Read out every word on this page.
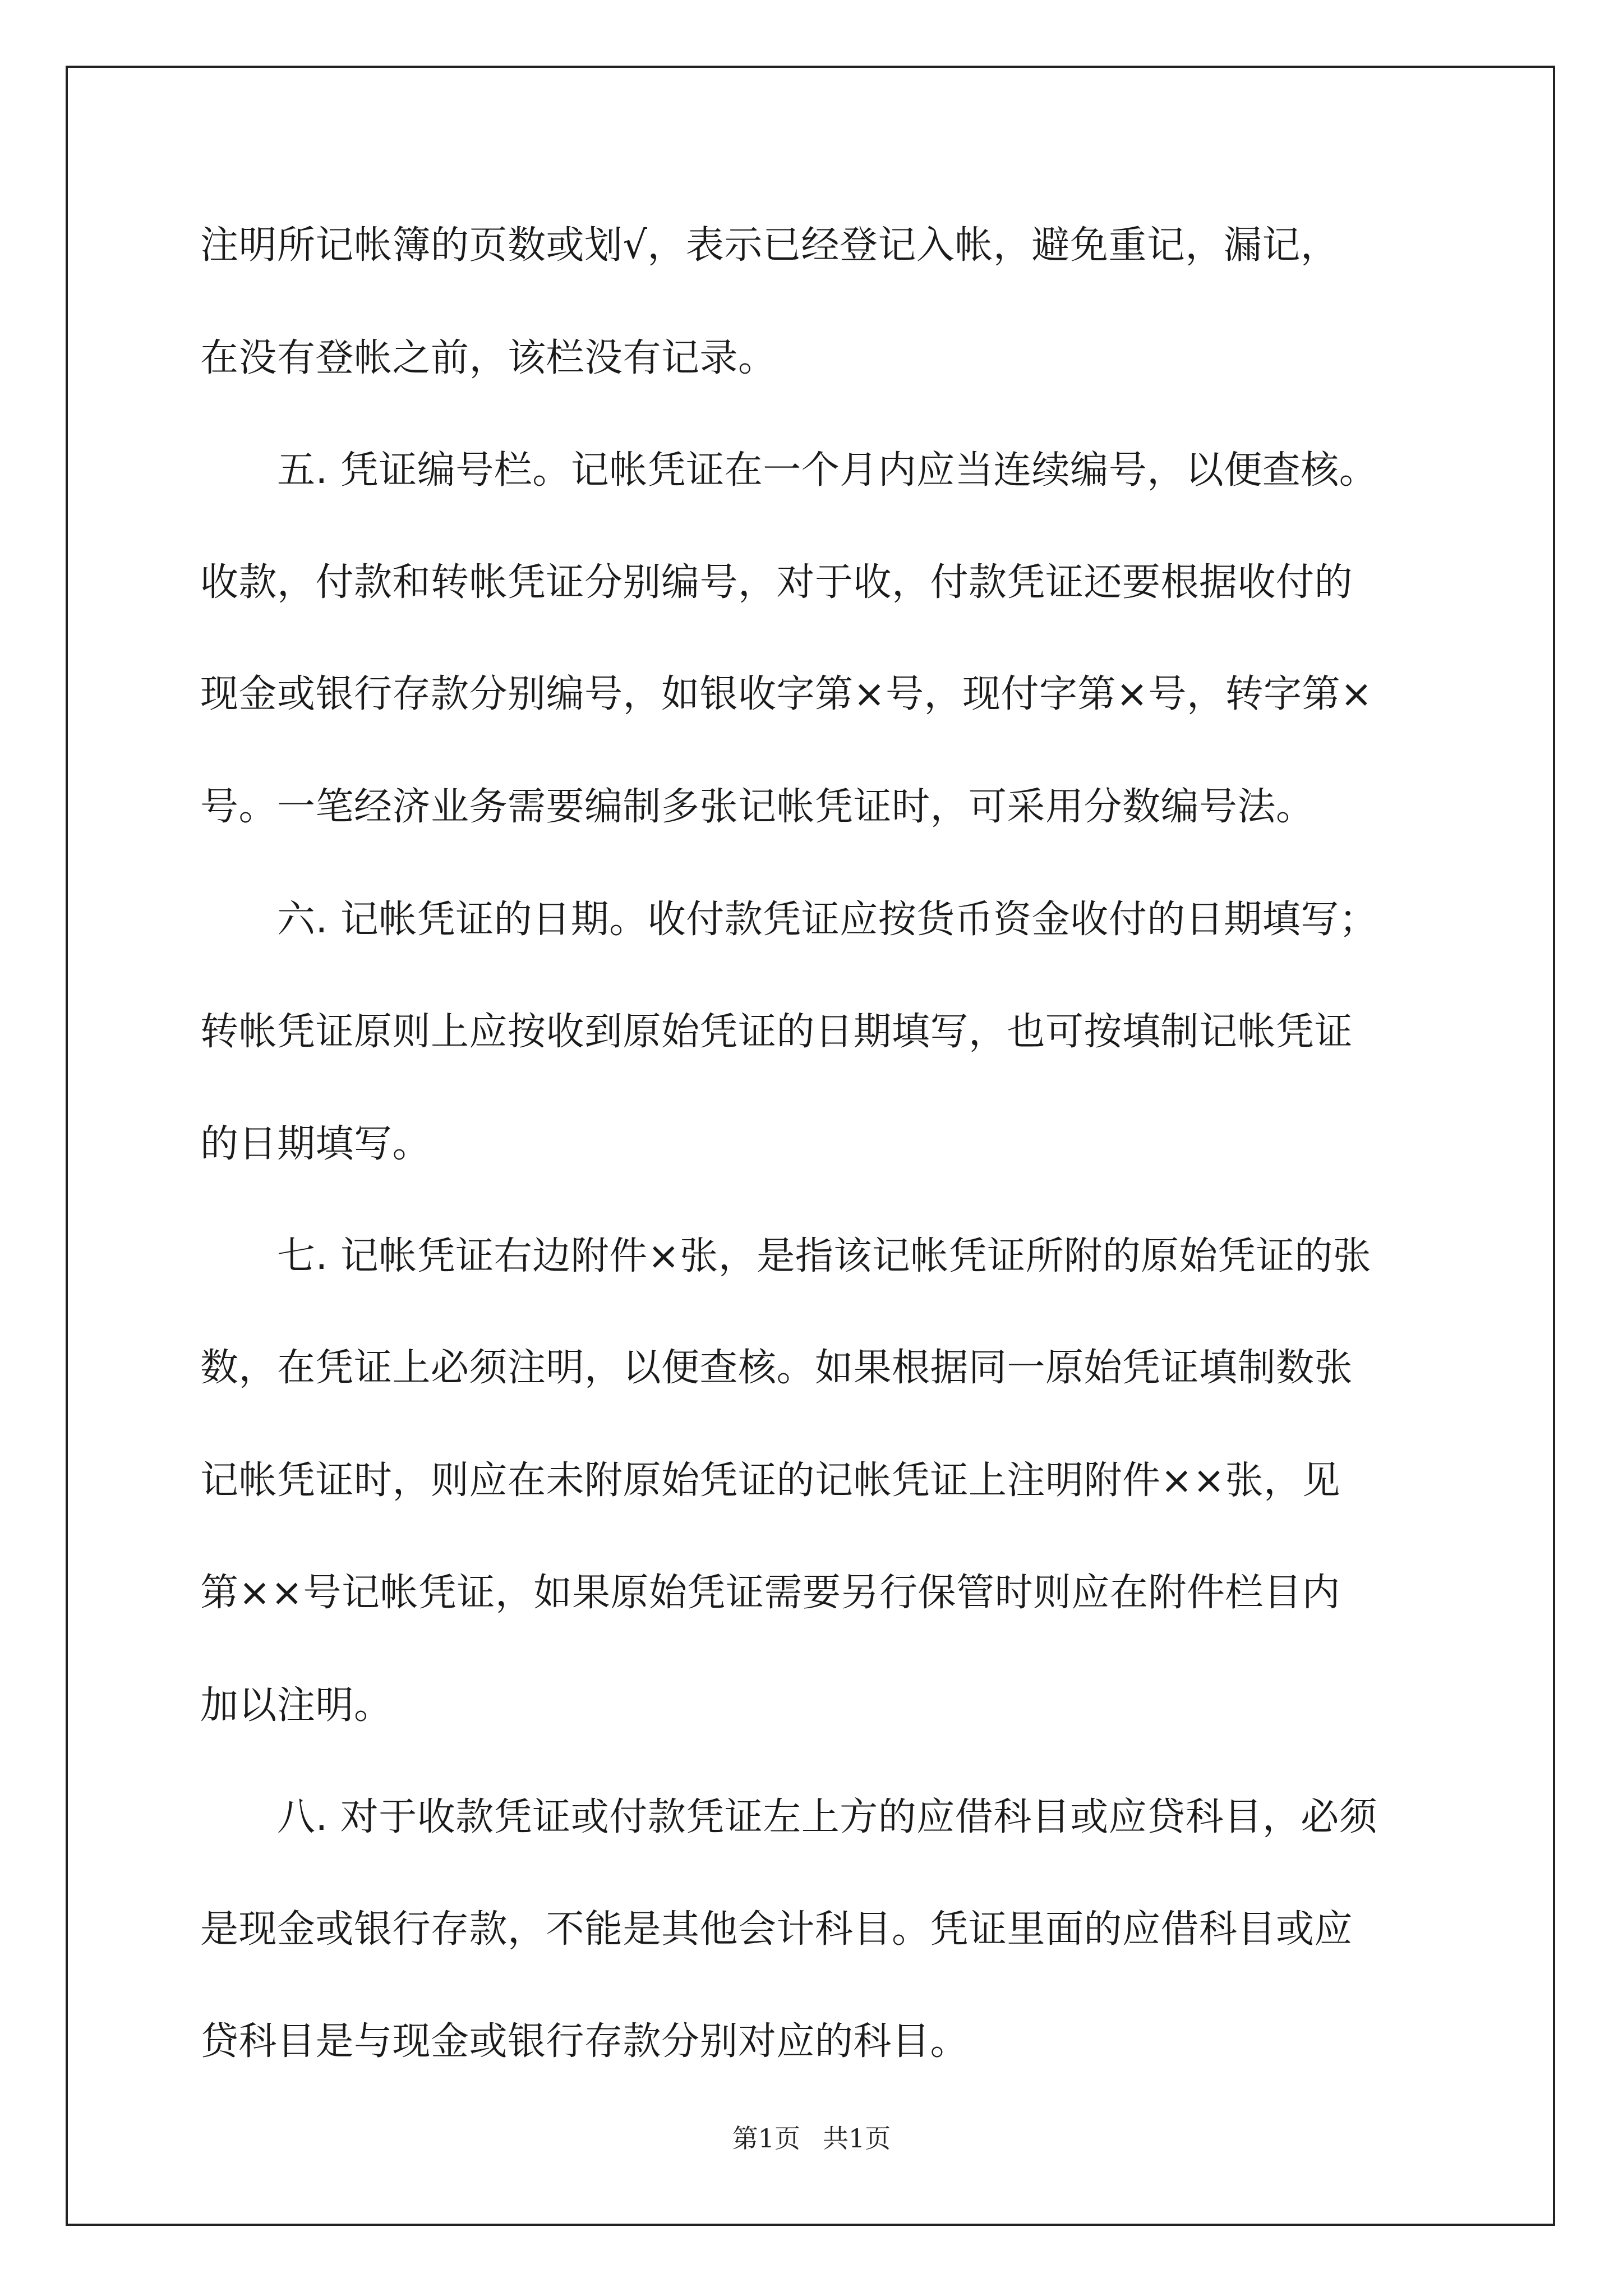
注明所记帐簿的页数或划√，表示已经登记入帐，避免重记，漏记，
在没有登帐之前，该栏没有记录。
　　五. 凭证编号栏。记帐凭证在一个月内应当连续编号，以便查核。
收款，付款和转帐凭证分别编号，对于收，付款凭证还要根据收付的
现金或银行存款分别编号，如银收字第×号，现付字第×号，转字第×
号。一笔经济业务需要编制多张记帐凭证时，可采用分数编号法。
　　六. 记帐凭证的日期。收付款凭证应按货币资金收付的日期填写；
转帐凭证原则上应按收到原始凭证的日期填写，也可按填制记帐凭证
的日期填写。
　　七. 记帐凭证右边附件×张，是指该记帐凭证所附的原始凭证的张
数，在凭证上必须注明，以便查核。如果根据同一原始凭证填制数张
记帐凭证时，则应在未附原始凭证的记帐凭证上注明附件××张，见
第××号记帐凭证，如果原始凭证需要另行保管时则应在附件栏目内
加以注明。
　　八. 对于收款凭证或付款凭证左上方的应借科目或应贷科目，必须
是现金或银行存款，不能是其他会计科目。凭证里面的应借科目或应
贷科目是与现金或银行存款分别对应的科目。
第1页 共1页
